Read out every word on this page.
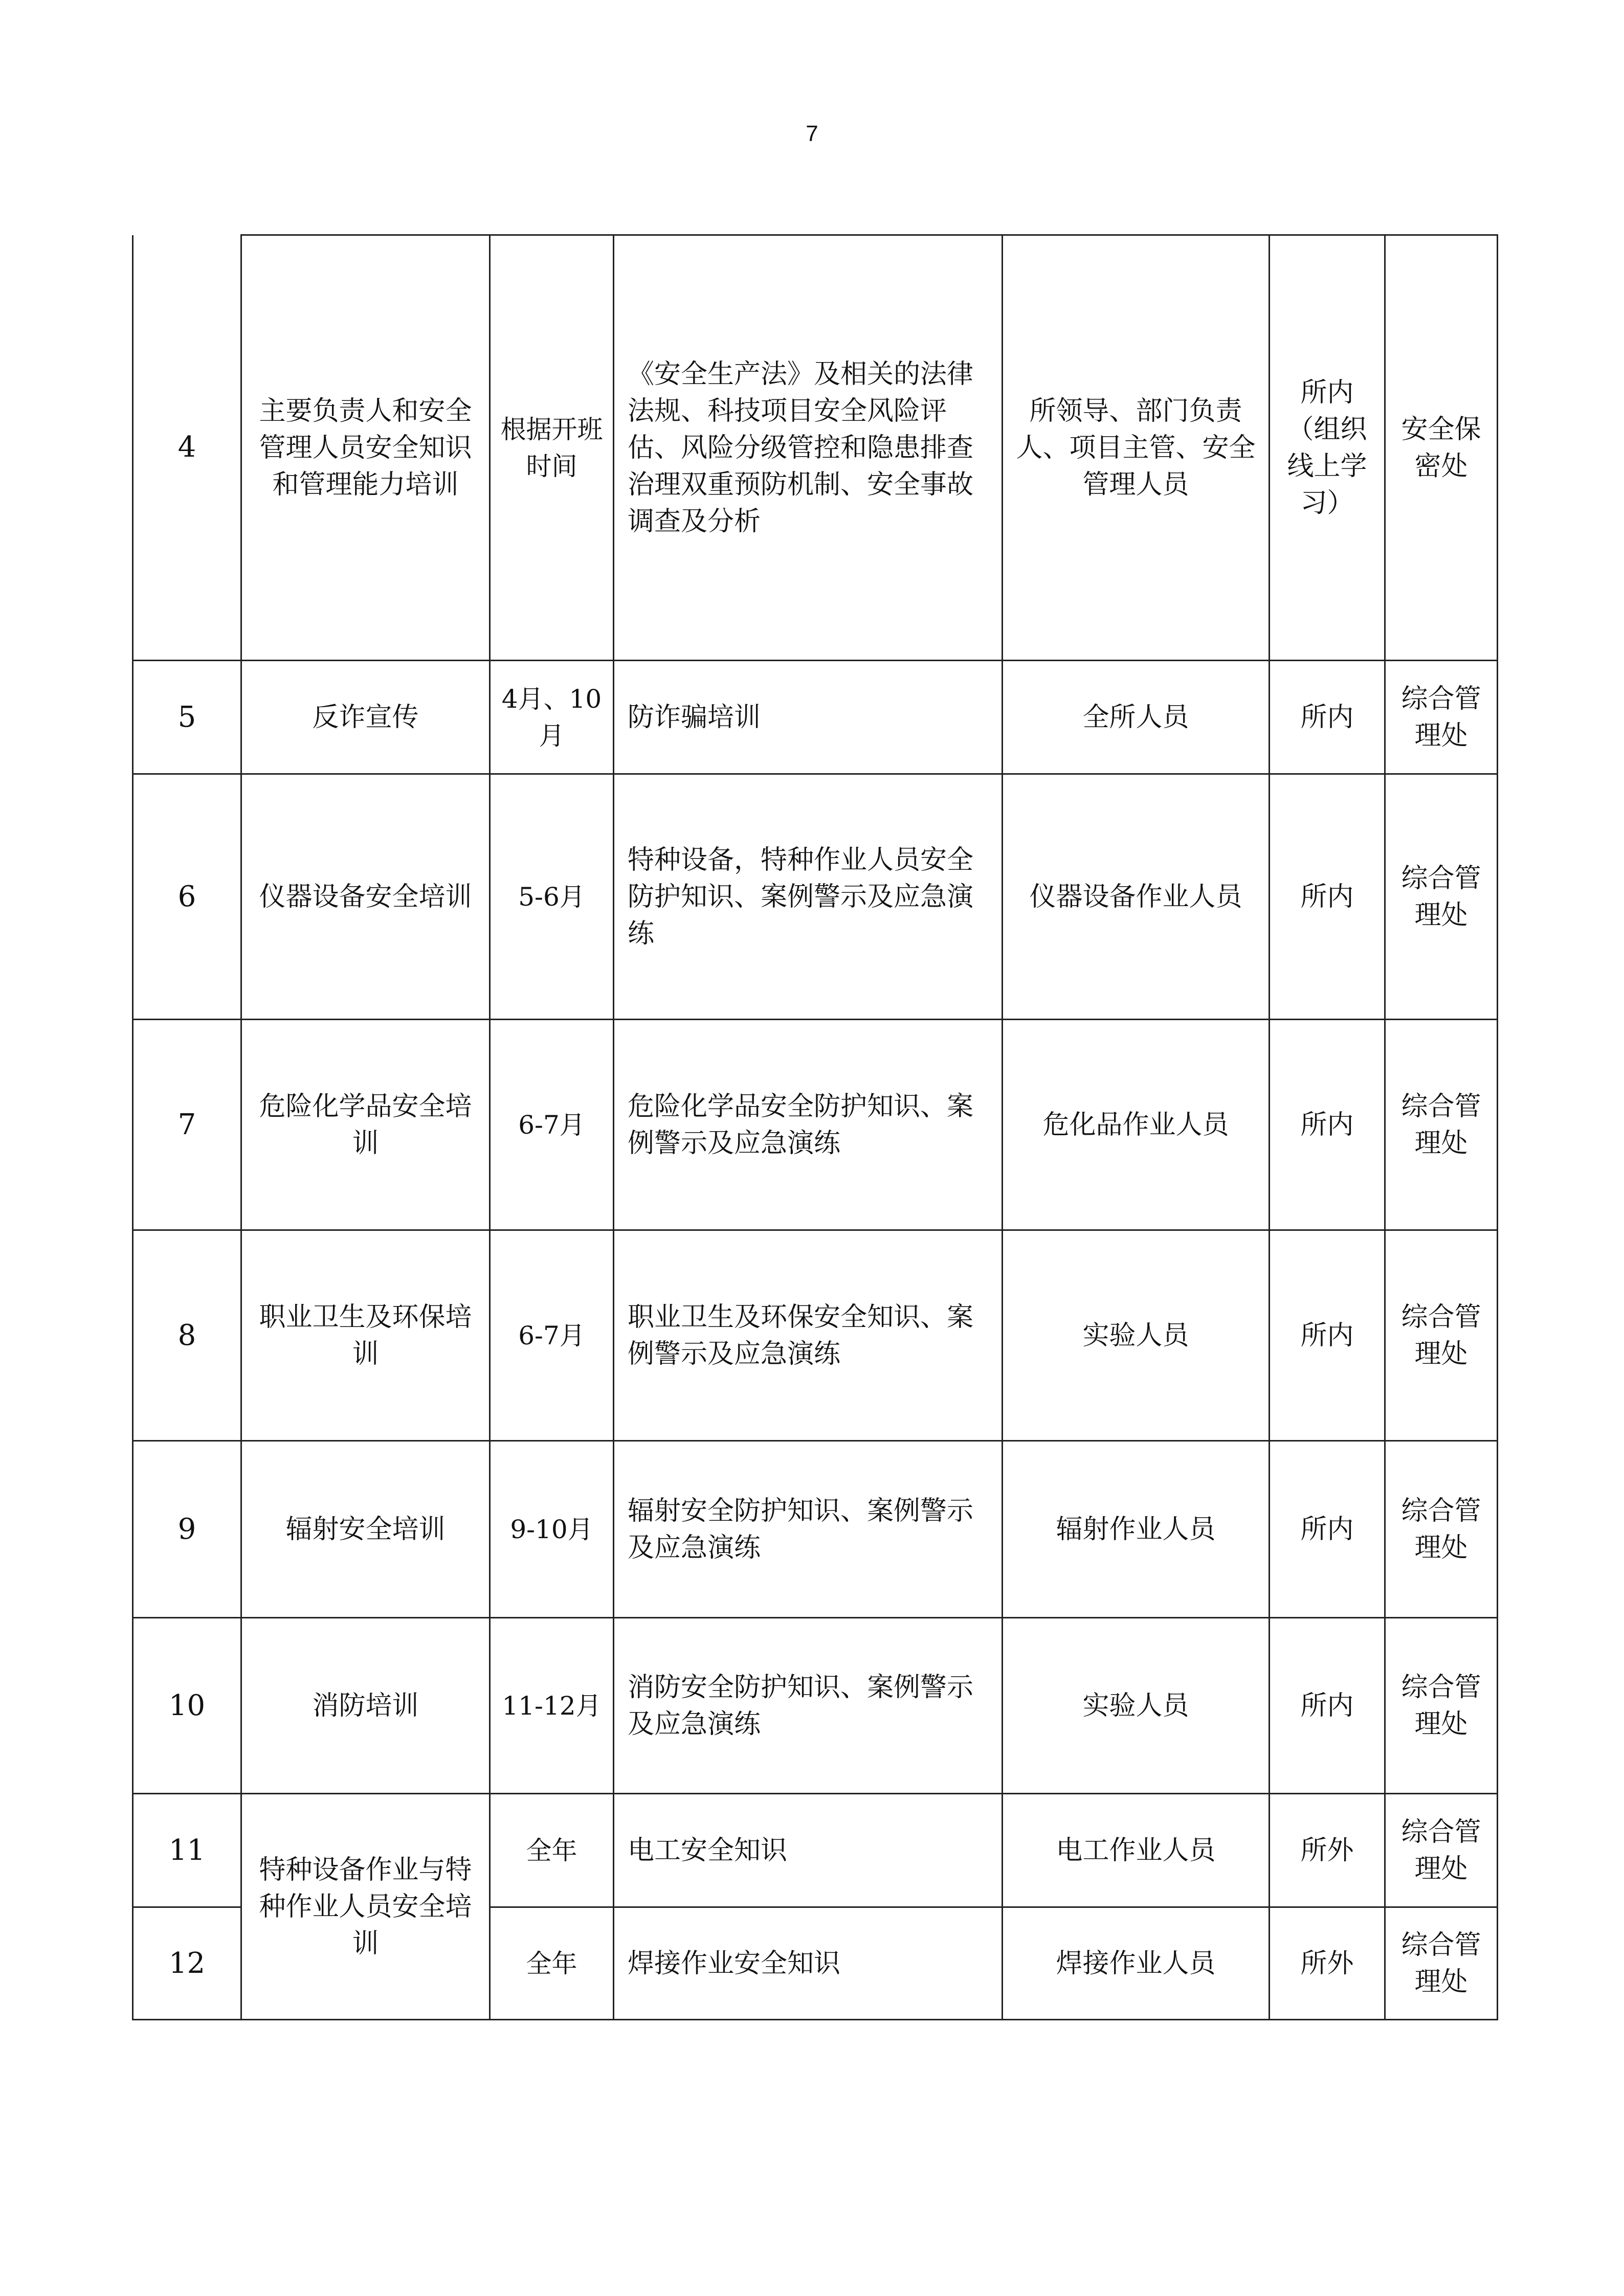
7
4	主要负责人和安全管理人员安全知识和管理能力培训	根据开班时间	《安全生产法》及相关的法律法规、科技项目安全风险评估、风险分级管控和隐患排查治理双重预防机制、安全事故调查及分析	所领导、部门负责人、项目主管、安全管理人员	所内（组织线上学习）	安全保密处
5	反诈宣传	4月、10月	防诈骗培训	全所人员	所内	综合管理处
6	仪器设备安全培训	5-6月	特种设备，特种作业人员安全防护知识、案例警示及应急演练	仪器设备作业人员	所内	综合管理处
7	危险化学品安全培训	6-7月	危险化学品安全防护知识、案例警示及应急演练	危化品作业人员	所内	综合管理处
8	职业卫生及环保培训	6-7月	职业卫生及环保安全知识、案例警示及应急演练	实验人员	所内	综合管理处
9	辐射安全培训	9-10月	辐射安全防护知识、案例警示及应急演练	辐射作业人员	所内	综合管理处
10	消防培训	11-12月	消防安全防护知识、案例警示及应急演练	实验人员	所内	综合管理处
11	特种设备作业与特种作业人员安全培训	全年	电工安全知识	电工作业人员	所外	综合管理处
12		全年	焊接作业安全知识	焊接作业人员	所外	综合管理处
